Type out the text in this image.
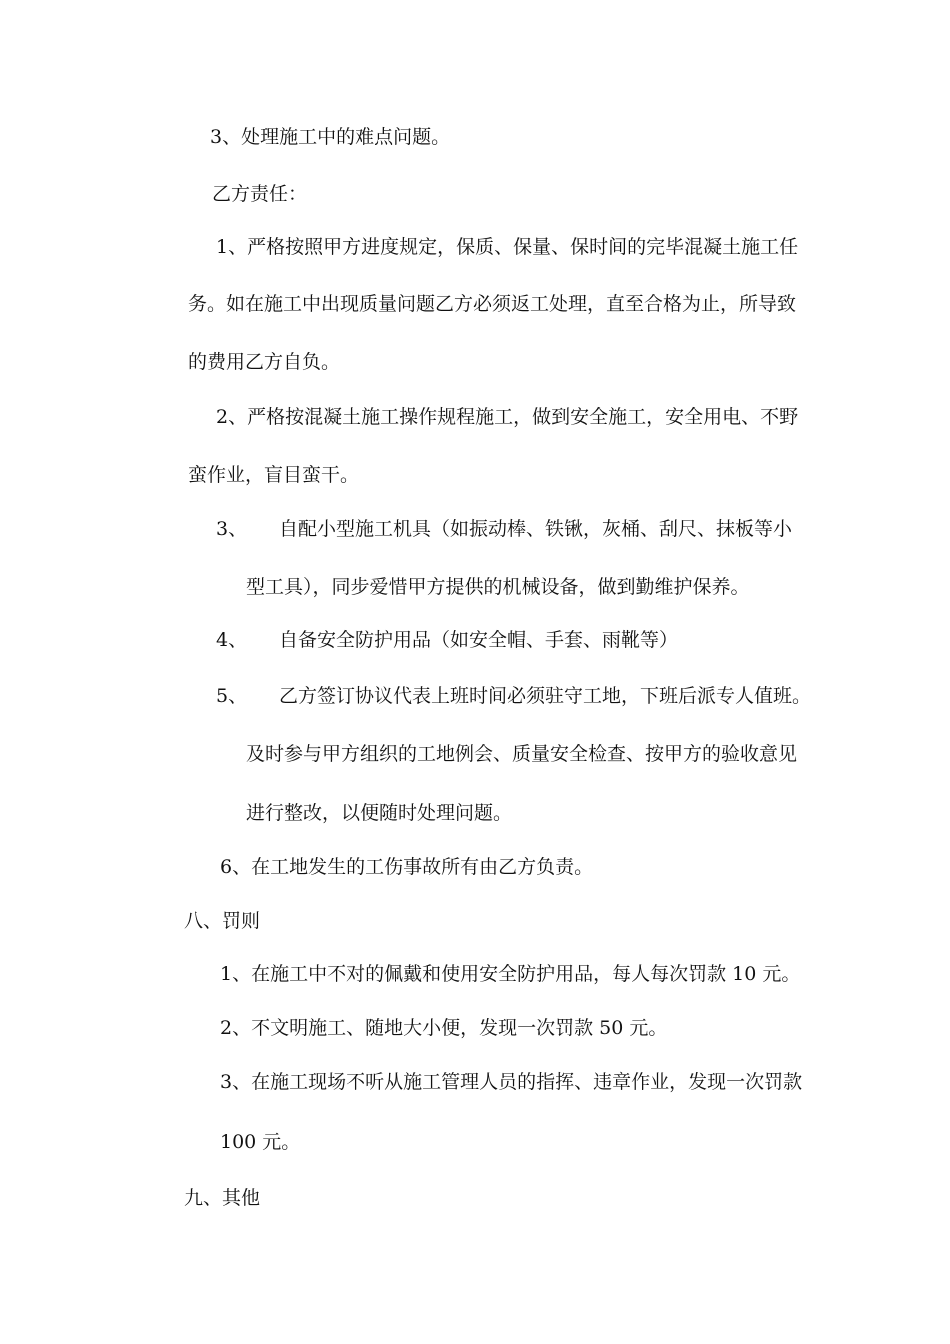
3、处理施工中的难点问题。
乙方责任：
1、严格按照甲方进度规定，保质、保量、保时间的完毕混凝土施工任
务。如在施工中出现质量问题乙方必须返工处理，直至合格为止，所导致
的费用乙方自负。
2、严格按混凝土施工操作规程施工，做到安全施工，安全用电、不野
蛮作业，盲目蛮干。
3、 自配小型施工机具（如振动棒、铁锹，灰桶、刮尺、抹板等小
型工具），同步爱惜甲方提供的机械设备，做到勤维护保养。
4、 自备安全防护用品（如安全帽、手套、雨靴等）
5、 乙方签订协议代表上班时间必须驻守工地，下班后派专人值班。
及时参与甲方组织的工地例会、质量安全检查、按甲方的验收意见
进行整改，以便随时处理问题。
6、在工地发生的工伤事故所有由乙方负责。
八、罚则
1、在施工中不对的佩戴和使用安全防护用品，每人每次罚款 10 元。
2、不文明施工、随地大小便，发现一次罚款 50 元。
3、在施工现场不听从施工管理人员的指挥、违章作业，发现一次罚款
100 元。
九、其他
